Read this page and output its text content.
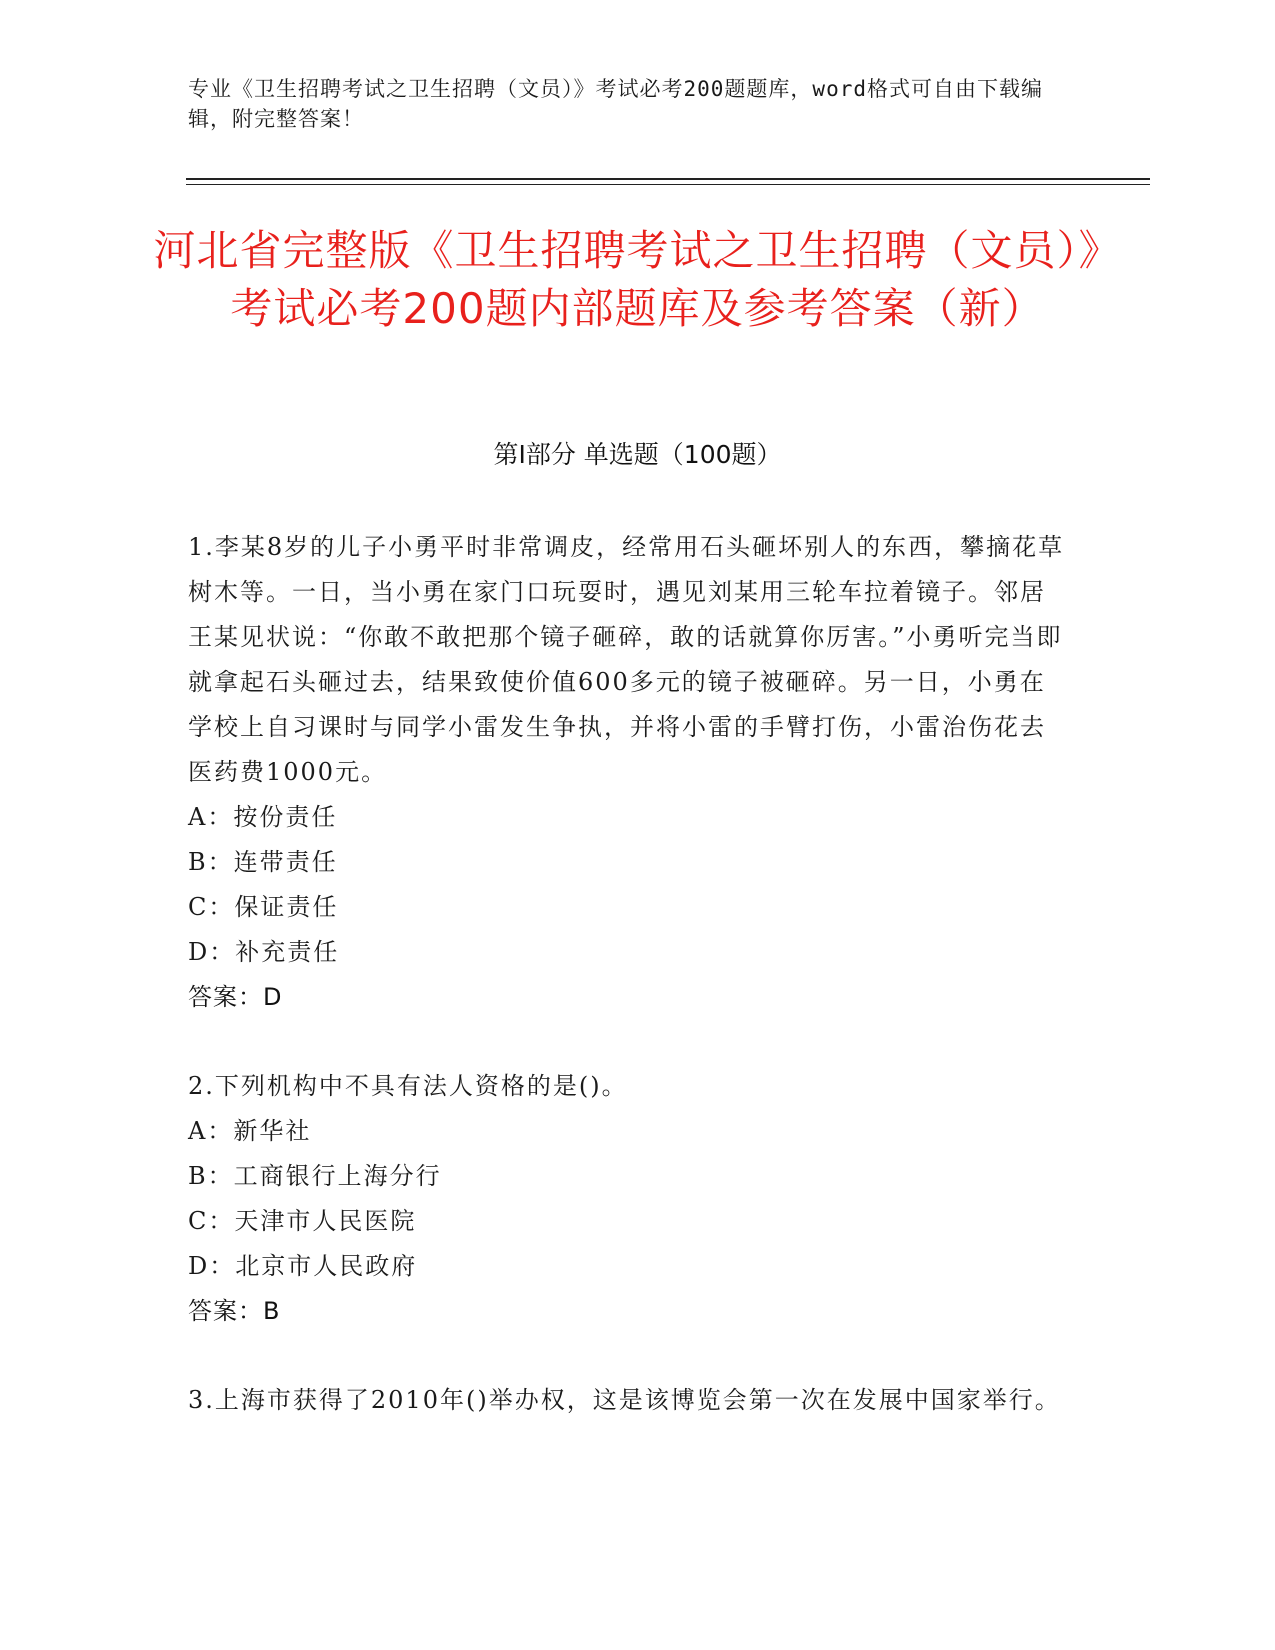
专业《卫生招聘考试之卫生招聘（文员）》考试必考200题题库，word格式可自由下载编辑，附完整答案！
河北省完整版《卫生招聘考试之卫生招聘（文员）》考试必考200题内部题库及参考答案（新）
第Ⅰ部分 单选题（100题）
1.李某8岁的儿子小勇平时非常调皮，经常用石头砸坏别人的东西，攀摘花草树木等。一日，当小勇在家门口玩耍时，遇见刘某用三轮车拉着镜子。邻居王某见状说：“你敢不敢把那个镜子砸碎，敢的话就算你厉害。”小勇听完当即就拿起石头砸过去，结果致使价值600多元的镜子被砸碎。另一日，小勇在学校上自习课时与同学小雷发生争执，并将小雷的手臂打伤，小雷治伤花去医药费1000元。
A：按份责任
B：连带责任
C：保证责任
D：补充责任
答案：D
2.下列机构中不具有法人资格的是()。
A：新华社
B：工商银行上海分行
C：天津市人民医院
D：北京市人民政府
答案：B
3.上海市获得了2010年()举办权，这是该博览会第一次在发展中国家举行。
